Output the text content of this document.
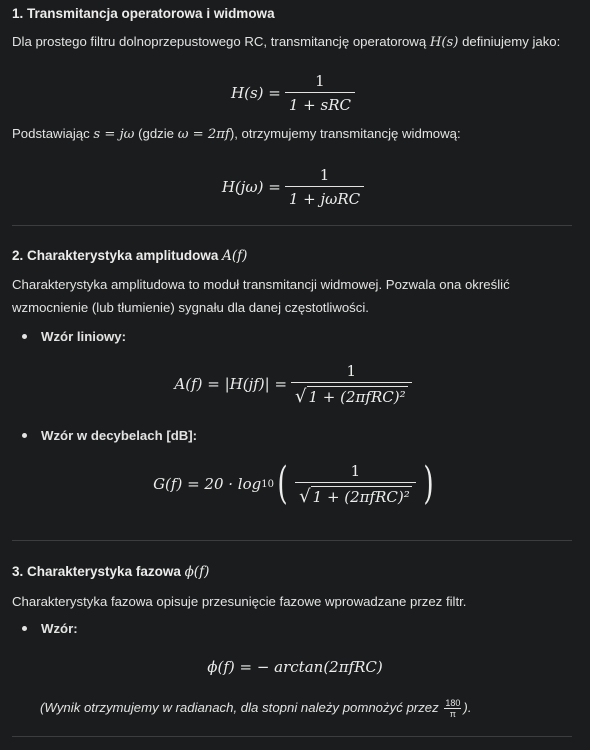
1. Transmitancja operatorowa i widmowa
Dla prostego filtru dolnoprzepustowego RC, transmitancję operatorową H(s) definiujemy jako:
$H(s) = \frac{1}{\text{1 + sRC}}$
Podstawiając s = jω (gdzie ω = 2πf), otrzymujemy transmitancję widmową:
$H(j\omega) = \frac{1}{\text{1 + jωRC}}$
2. Charakterystyka amplitudowa A(f)
Charakterystyka amplitudowa to moduł transmitancji widmowej. Pozwala ona określić
wzmocnienie (lub tłumienie) sygnału dla danej częstotliwości.
Wzór liniowy:
$A(f) = |H(jf)| = \frac{1}{\text{√ 1 + (2πfRC)²}}$
Wzór w decybelach [dB]:
G(f) = 20 · log 10 ( $\frac{1}{\text{√ 1 + (2πfRC)²}}$ )
3. Charakterystyka fazowa ϕ(f)
Charakterystyka fazowa opisuje przesunięcie fazowe wprowadzane przez filtr.
Wzór:
ϕ(f) = − arctan(2πfRC)
(Wynik otrzymujemy w radianach, dla stopni należy pomnożyć przez $\frac{180}{\pi}$ ).
